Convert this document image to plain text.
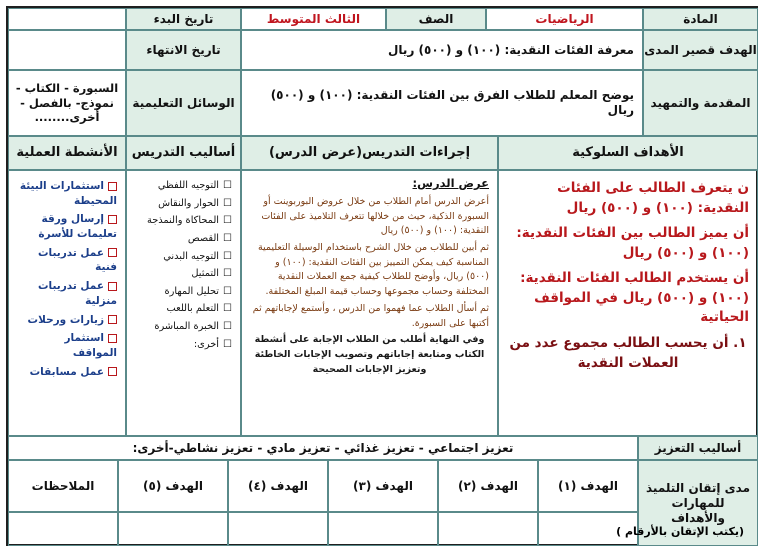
المادة
الرياضيات
الصف
الثالث المتوسط
تاريخ البدء
الهدف قصير المدى
معرفة الفئات النقدية: (١٠٠) و (٥٠٠) ريال
تاريخ الانتهاء
المقدمة والتمهيد
يوضح المعلم للطلاب الفرق بين الفئات النقدية: (١٠٠) و (٥٠٠) ريال
الوسائل التعليمية
السبورة - الكتاب - نموذج- بالفصل - أخرى........
الأهداف السلوكية
إجراءات التدريس(عرض الدرس)
أساليب التدريس
الأنشطة العملية

ن يتعرف الطالب على الفئات النقدية: (١٠٠) و (٥٠٠) ريال

أن يميز الطالب بين الفئات النقدية: (١٠٠) و (٥٠٠) ريال

أن يستخدم الطالب الفئات النقدية: (١٠٠) و (٥٠٠) ريال في المواقف الحياتية

١. أن يحسب الطالب مجموع عدد من العملات النقدية

عرض الدرس:

أعرض الدرس أمام الطلاب من خلال عروض البوربوينت أو السبورة الذكية، حيث من خلالها تتعرف التلاميذ على الفئات النقدية: (١٠٠) و (٥٠٠) ريال

ثم أبين للطلاب من خلال الشرح باستخدام الوسيلة التعليمية المناسبة كيف يمكن التمييز بين الفئات النقدية: (١٠٠) و (٥٠٠) ريال، وأوضح للطلاب كيفية جمع العملات النقدية المختلفة وحساب مجموعها وحساب قيمة المبلغ المختلفة.

ثم أسأل الطلاب عما فهموا من الدرس ، وأستمع لإجاباتهم ثم أكتبها على السبورة.

وفي النهاية أطلب من الطلاب الإجابة على أنشطة الكتاب ومتابعة إجاباتهم وتصويب الإجابات الخاطئة وتعزيز الإجابات الصحيحة

☐ التوجيه اللفظي
☐ الحوار والنقاش
☐ المحاكاة والنمذجة
☐ القصص
☐ التوجيه البدني
☐ التمثيل
☐ تحليل المهارة
☐ التعلم باللعب
☐ الخبرة المباشرة
☐ أخرى:
استثمارات البيئة المحيطة
إرسال ورقة تعليمات للأسرة
عمل تدريبات فنية
عمل تدريبات منزلية
زيارات ورحلات
استثمار المواقف
عمل مسابقات
أساليب التعزيز
تعزيز اجتماعي - تعزيز غذائي - تعزيز مادي - تعزيز نشاطي-أخرى:
مدى إتقان التلميذ للمهارات والأهداف
الهدف (١)
الهدف (٢)
الهدف (٣)
الهدف (٤)
الهدف (٥)
الملاحظات
( يكتب الإتقان بالأرقام)
